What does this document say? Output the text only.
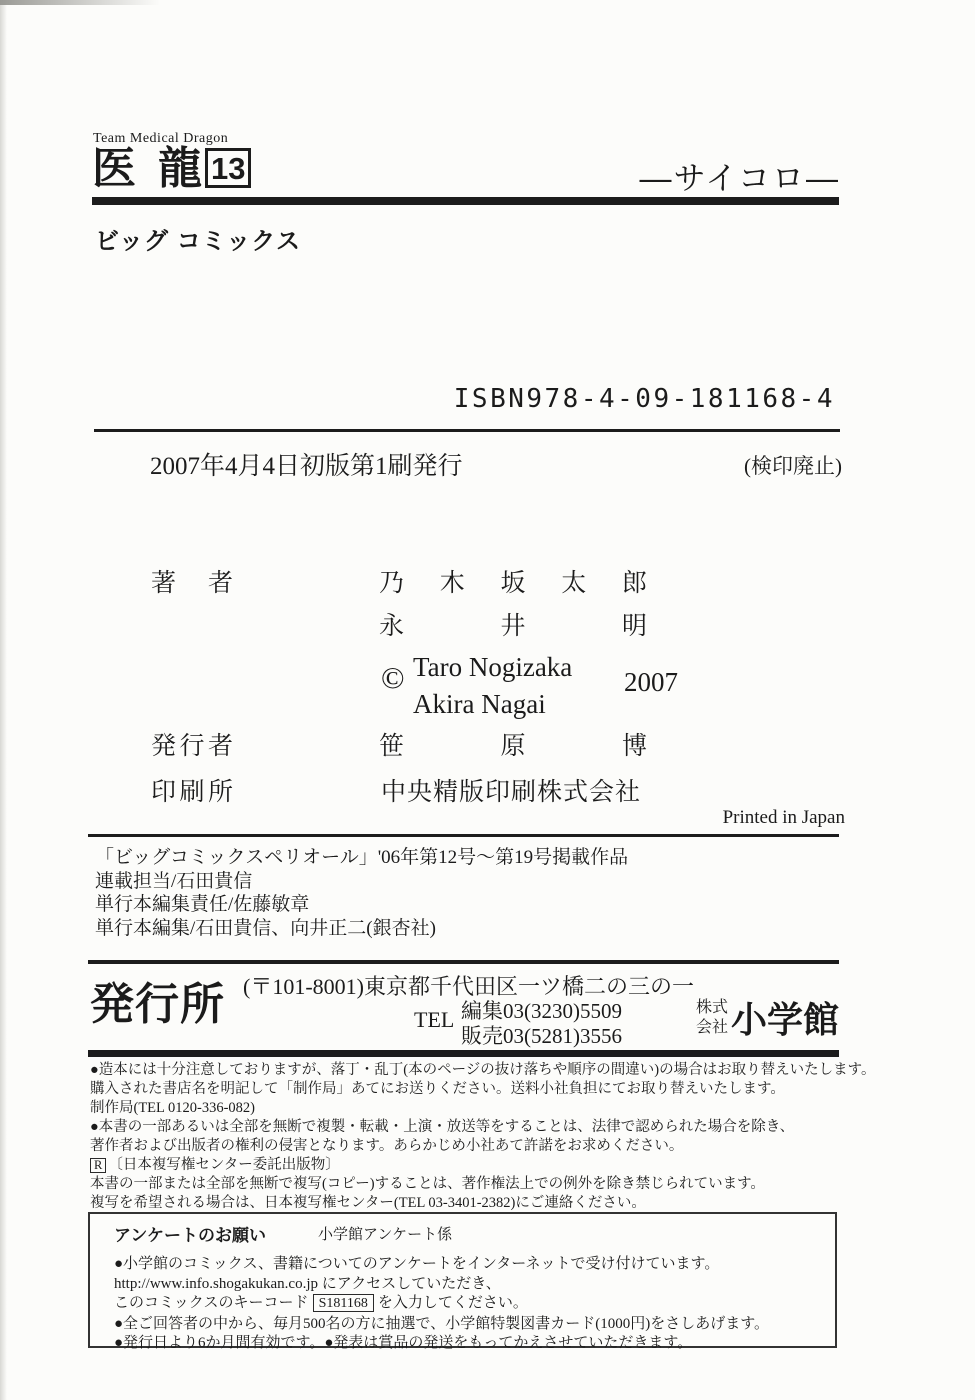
Team Medical Dragon
医 龍 13	—サイコロ—
ビッグ コミックス
ISBN978-4-09-181168-4
2007年4月4日初版第1刷発行	(検印廃止)
著者	乃木坂太郎
永井明
© Taro Nogizaka
Akira Nagai
2007
発行者	笹原博
印刷所	中央精版印刷株式会社
Printed in Japan
「ビッグコミックスペリオール」'06年第12号〜第19号掲載作品
連載担当/石田貴信
単行本編集責任/佐藤敏章
単行本編集/石田貴信、向井正二(銀杏社)
発行所 (〒101-8001)東京都千代田区一ツ橋二の三の一
TEL 編集03(3230)5509
販売03(5281)3556
株式
会社 小学館
●造本には十分注意しておりますが、落丁・乱丁(本のページの抜け落ちや順序の間違い)の場合はお取り替えいたします。
購入された書店名を明記して「制作局」あてにお送りください。送料小社負担にてお取り替えいたします。
制作局(TEL 0120-336-082)
●本書の一部あるいは全部を無断で複製・転載・上演・放送等をすることは、法律で認められた場合を除き、
著作者および出版者の権利の侵害となります。あらかじめ小社あて許諾をお求めください。
R 〔日本複写権センター委託出版物〕
本書の一部または全部を無断で複写(コピー)することは、著作権法上での例外を除き禁じられています。
複写を希望される場合は、日本複写権センター(TEL 03-3401-2382)にご連絡ください。
アンケートのお願い	小学館アンケート係
●小学館のコミックス、書籍についてのアンケートをインターネットで受け付けています。
http://www.info.shogakukan.co.jp にアクセスしていただき、
このコミックスのキーコード S181168 を入力してください。
●全ご回答者の中から、毎月500名の方に抽選で、小学館特製図書カード(1000円)をさしあげます。
●発行日より6か月間有効です。●発表は賞品の発送をもってかえさせていただきます。
